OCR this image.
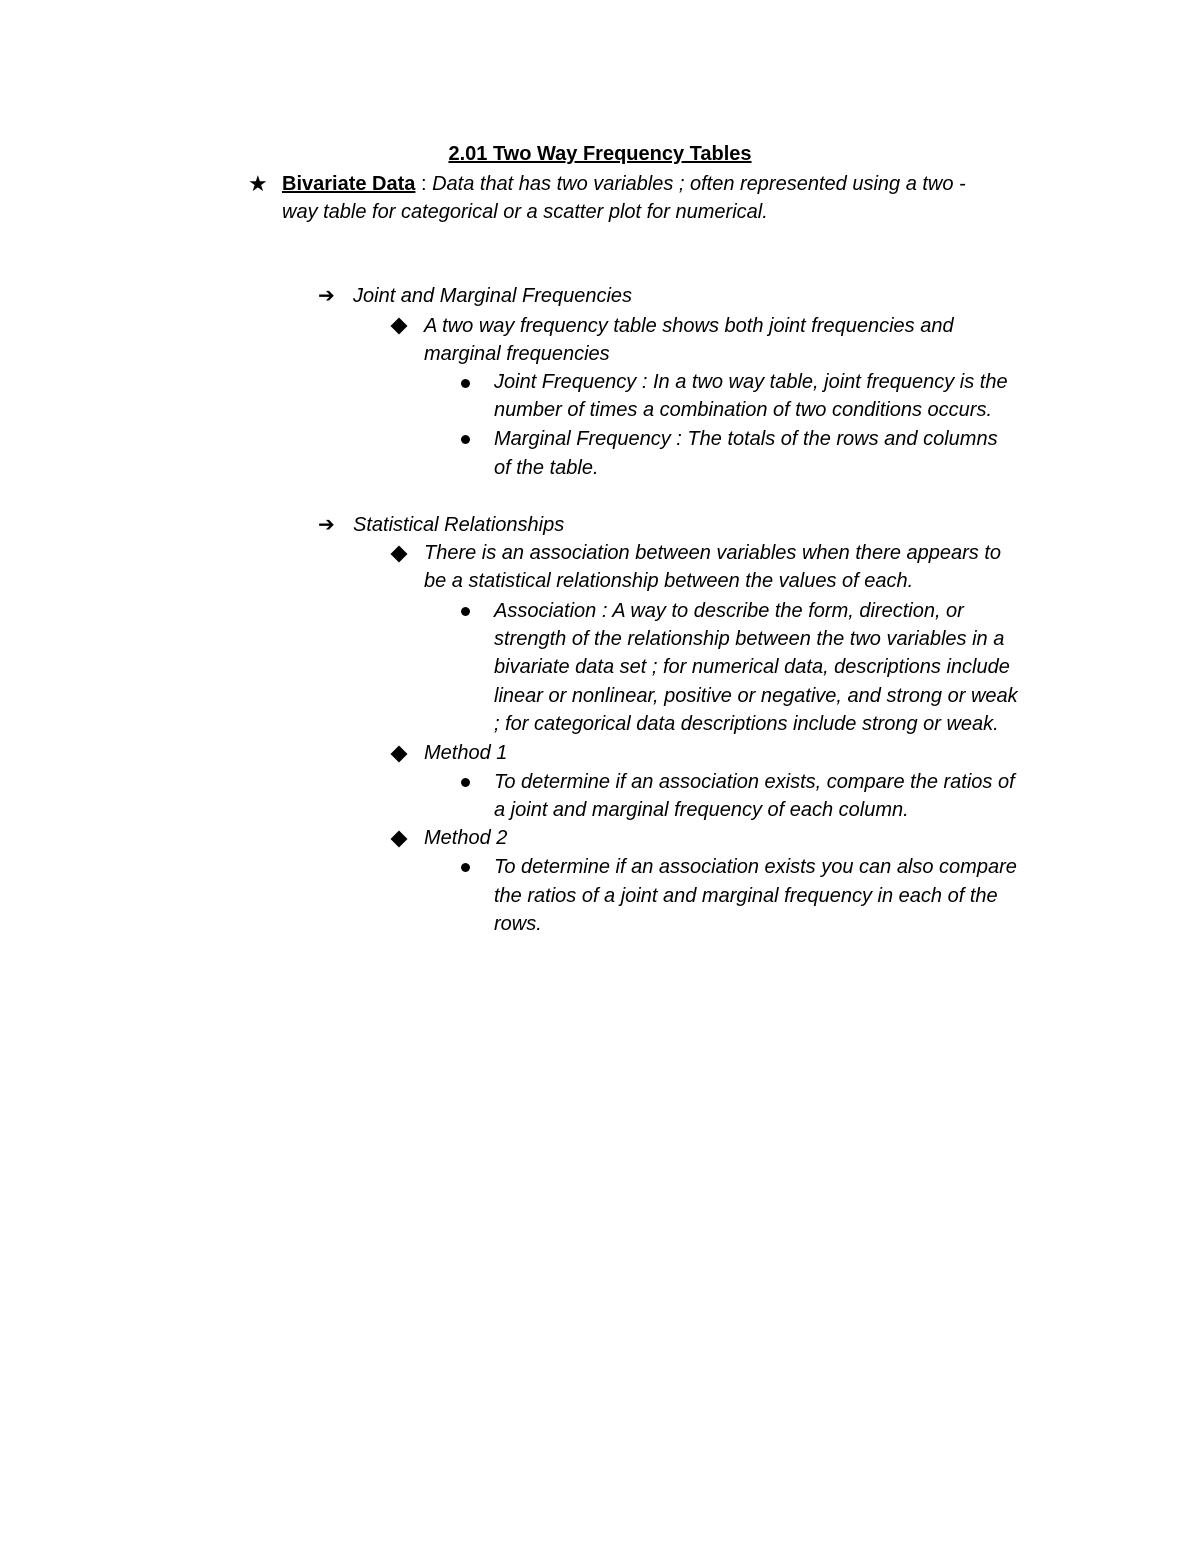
2.01 Two Way Frequency Tables
★ Bivariate Data : Data that has two variables ; often represented using a two -
way table for categorical or a scatter plot for numerical.
➔ Joint and Marginal Frequencies
A two way frequency table shows both joint frequencies and
marginal frequencies
Joint Frequency : In a two way table, joint frequency is the
number of times a combination of two conditions occurs.
Marginal Frequency : The totals of the rows and columns
of the table.
➔ Statistical Relationships
There is an association between variables when there appears to
be a statistical relationship between the values of each.
Association : A way to describe the form, direction, or
strength of the relationship between the two variables in a
bivariate data set ; for numerical data, descriptions include
linear or nonlinear, positive or negative, and strong or weak
; for categorical data descriptions include strong or weak.
Method 1
To determine if an association exists, compare the ratios of
a joint and marginal frequency of each column.
Method 2
To determine if an association exists you can also compare
the ratios of a joint and marginal frequency in each of the
rows.
